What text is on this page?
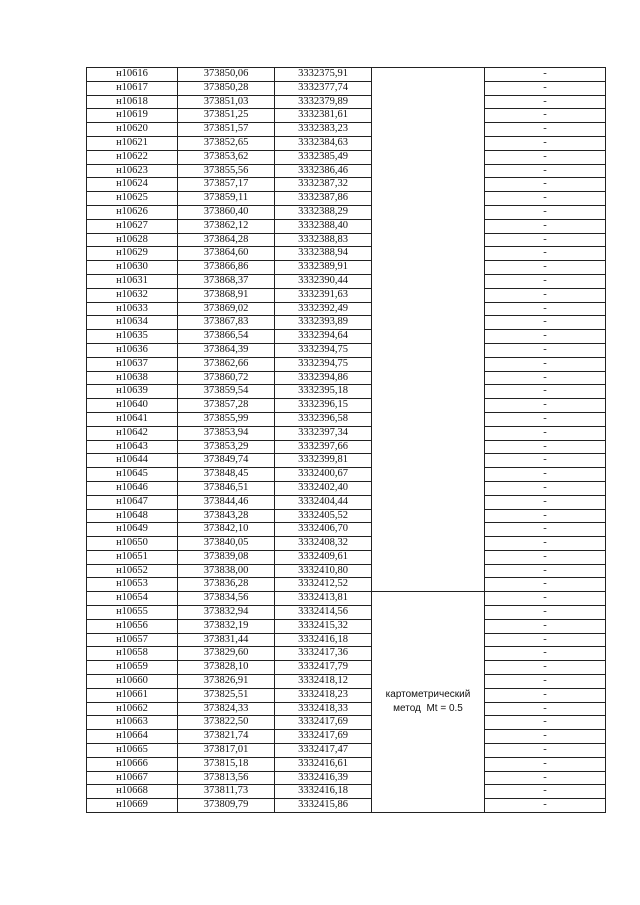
н10616	373850,06	3332375,91		-
н10617	373850,28	3332377,74		-
н10618	373851,03	3332379,89		-
н10619	373851,25	3332381,61		-
н10620	373851,57	3332383,23		-
н10621	373852,65	3332384,63		-
н10622	373853,62	3332385,49		-
н10623	373855,56	3332386,46		-
н10624	373857,17	3332387,32		-
н10625	373859,11	3332387,86		-
н10626	373860,40	3332388,29		-
н10627	373862,12	3332388,40		-
н10628	373864,28	3332388,83		-
н10629	373864,60	3332388,94		-
н10630	373866,86	3332389,91		-
н10631	373868,37	3332390,44		-
н10632	373868,91	3332391,63		-
н10633	373869,02	3332392,49		-
н10634	373867,83	3332393,89		-
н10635	373866,54	3332394,64		-
н10636	373864,39	3332394,75		-
н10637	373862,66	3332394,75		-
н10638	373860,72	3332394,86		-
н10639	373859,54	3332395,18		-
н10640	373857,28	3332396,15		-
н10641	373855,99	3332396,58		-
н10642	373853,94	3332397,34		-
н10643	373853,29	3332397,66		-
н10644	373849,74	3332399,81		-
н10645	373848,45	3332400,67		-
н10646	373846,51	3332402,40		-
н10647	373844,46	3332404,44		-
н10648	373843,28	3332405,52		-
н10649	373842,10	3332406,70		-
н10650	373840,05	3332408,32		-
н10651	373839,08	3332409,61		-
н10652	373838,00	3332410,80		-
н10653	373836,28	3332412,52		-
н10654	373834,56	3332413,81	картометрический
метод  Mt = 0.5	-
н10655	373832,94	3332414,56		-
н10656	373832,19	3332415,32		-
н10657	373831,44	3332416,18		-
н10658	373829,60	3332417,36		-
н10659	373828,10	3332417,79		-
н10660	373826,91	3332418,12		-
н10661	373825,51	3332418,23		-
н10662	373824,33	3332418,33		-
н10663	373822,50	3332417,69		-
н10664	373821,74	3332417,69		-
н10665	373817,01	3332417,47		-
н10666	373815,18	3332416,61		-
н10667	373813,56	3332416,39		-
н10668	373811,73	3332416,18		-
н10669	373809,79	3332415,86		-
